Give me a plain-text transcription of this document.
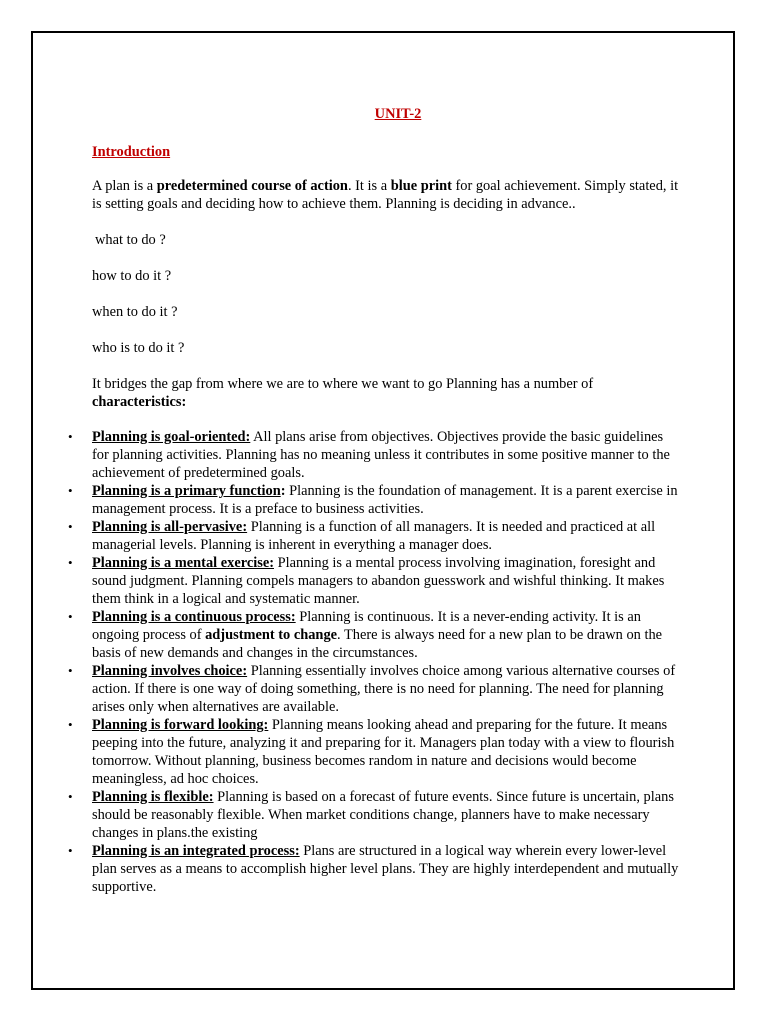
UNIT-2

Introduction

A plan is a predetermined course of action. It is a blue print for goal achievement. Simply stated, it is setting goals and deciding how to achieve them. Planning is deciding in advance..

what to do ?

how to do it ?

when to do it ?

who is to do it ?

It bridges the gap from where we are to where we want to go Planning has a number of characteristics:

• Planning is goal-oriented: All plans arise from objectives. Objectives provide the basic guidelines for planning activities. Planning has no meaning unless it contributes in some positive manner to the achievement of predetermined goals.
• Planning is a primary function: Planning is the foundation of management. It is a parent exercise in management process. It is a preface to business activities.
• Planning is all-pervasive: Planning is a function of all managers. It is needed and practiced at all managerial levels. Planning is inherent in everything a manager does.
• Planning is a mental exercise: Planning is a mental process involving imagination, foresight and sound judgment. Planning compels managers to abandon guesswork and wishful thinking. It makes them think in a logical and systematic manner.
• Planning is a continuous process: Planning is continuous. It is a never-ending activity. It is an ongoing process of adjustment to change. There is always need for a new plan to be drawn on the basis of new demands and changes in the circumstances.
• Planning involves choice: Planning essentially involves choice among various alternative courses of action. If there is one way of doing something, there is no need for planning. The need for planning arises only when alternatives are available.
• Planning is forward looking: Planning means looking ahead and preparing for the future. It means peeping into the future, analyzing it and preparing for it. Managers plan today with a view to flourish tomorrow. Without planning, business becomes random in nature and decisions would become meaningless, ad hoc choices.
• Planning is flexible: Planning is based on a forecast of future events. Since future is uncertain, plans should be reasonably flexible. When market conditions change, planners have to make necessary changes in plans.the existing
• Planning is an integrated process: Plans are structured in a logical way wherein every lower-level plan serves as a means to accomplish higher level plans. They are highly interdependent and mutually supportive.
